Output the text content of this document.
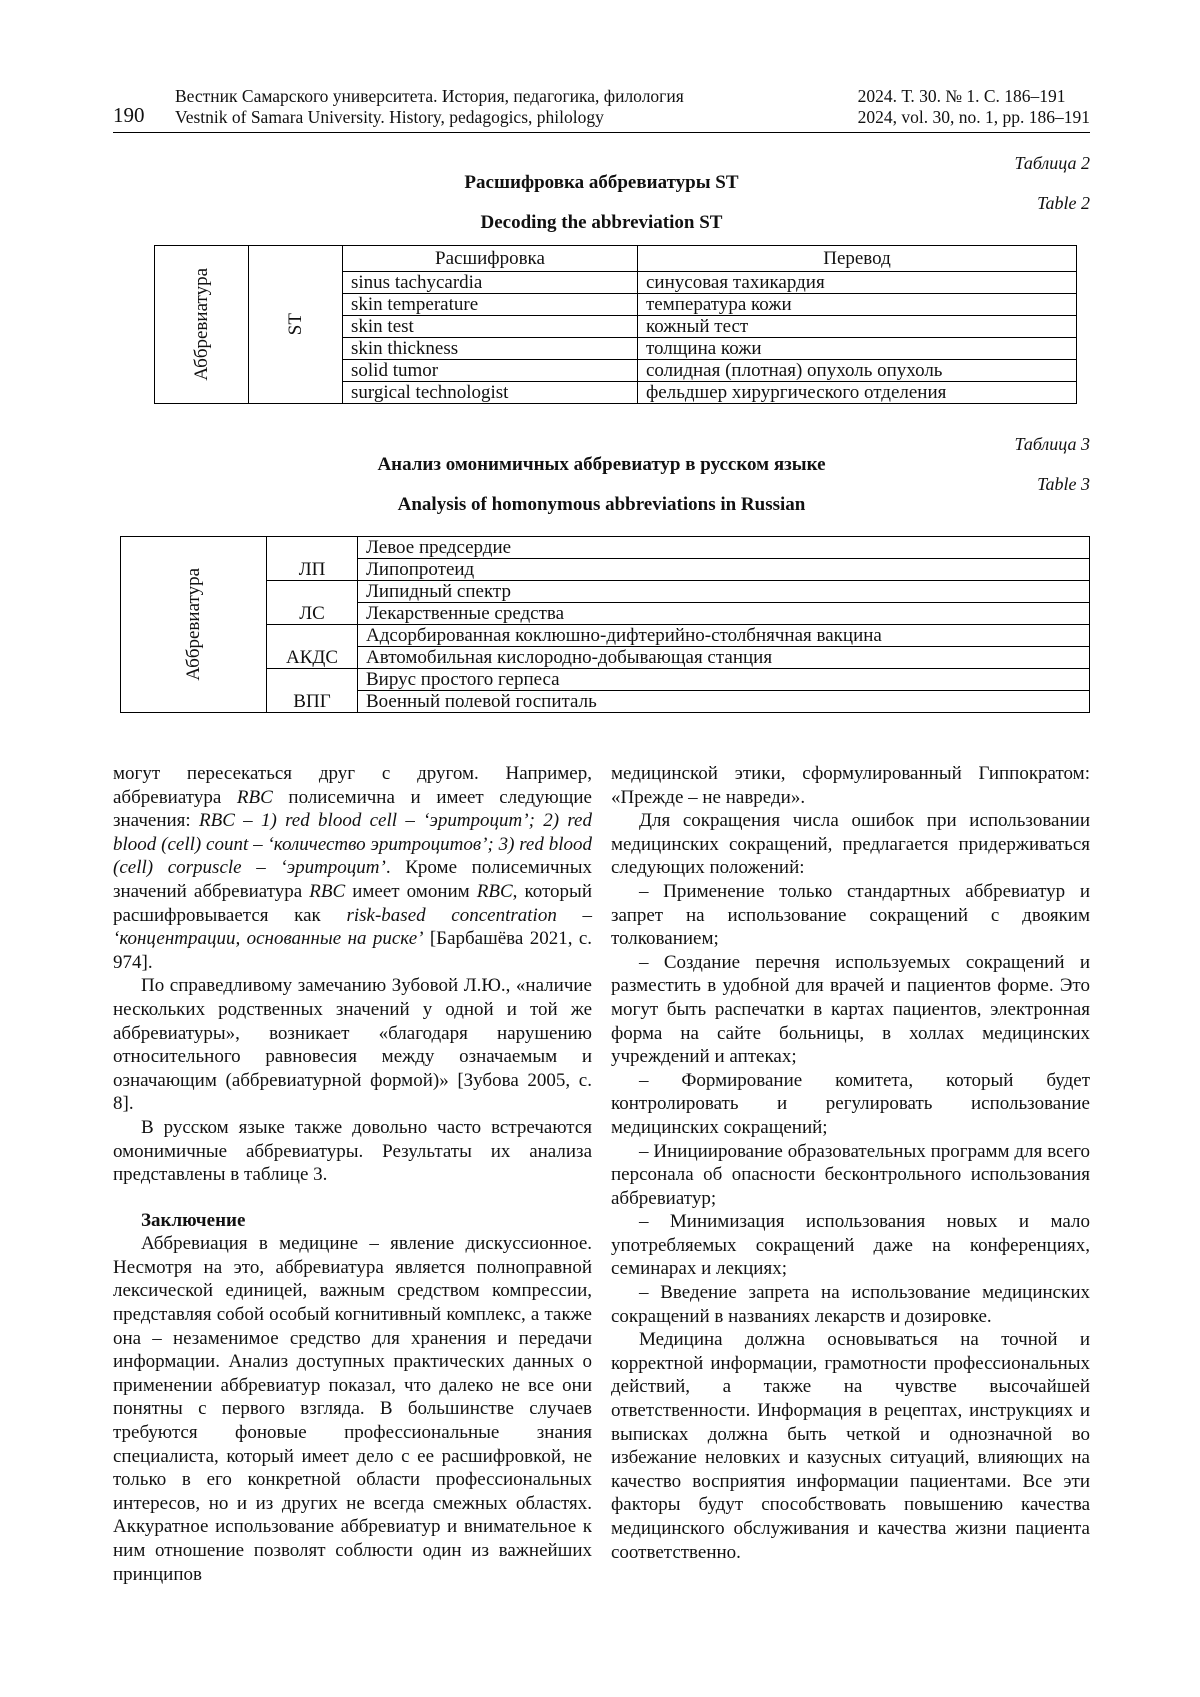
190
Вестник Самарского университета. История, педагогика, филология
Vestnik of Samara University. History, pedagogics, philology
2024. Т. 30. № 1. С. 186–191
2024, vol. 30, no. 1, pp. 186–191
Таблица 2
Расшифровка аббревиатуры ST
Table 2
Decoding the abbreviation ST
Аббревиатура	ST	Расшифровка	Перевод
		sinus tachycardia	синусовая тахикардия
		skin temperature	температура кожи
		skin test	кожный тест
		skin thickness	толщина кожи
		solid tumor	солидная (плотная) опухоль опухоль
		surgical technologist	фельдшер хирургического отделения
Таблица 3
Анализ омонимичных аббревиатур в русском языке
Table 3
Analysis of homonymous abbreviations in Russian
Аббревиатура	ЛП	Левое предсердие
		Липопротеид
	ЛС	Липидный спектр
		Лекарственные средства
	АКДС	Адсорбированная коклюшно-дифтерийно-столбнячная вакцина
		Автомобильная кислородно-добывающая станция
	ВПГ	Вирус простого герпеса
		Военный полевой госпиталь

могут пересекаться друг с другом. Например, аббревиатура RBC полисемична и имеет следующие значения: RBC – 1) red blood cell – ‘эритроцит’; 2) red blood (cell) count – ‘количество эритроцитов’; 3) red blood (cell) corpuscle – ‘эритроцит’. Кроме полисемичных значений аббревиатура RBC имеет омоним RBC, который расшифровывается как risk-based concentration – ‘концентрации, основанные на риске’ [Барбашёва 2021, с. 974].

По справедливому замечанию Зубовой Л.Ю., «наличие нескольких родственных значений у одной и той же аббревиатуры», возникает «благодаря нарушению относительного равновесия между означаемым и означающим (аббревиатурной формой)» [Зубова 2005, с. 8].

В русском языке также довольно часто встречаются омонимичные аббревиатуры. Результаты их анализа представлены в таблице 3.

Заключение

Аббревиация в медицине – явление дискуссионное. Несмотря на это, аббревиатура является полноправной лексической единицей, важным средством компрессии, представляя собой особый когнитивный комплекс, а также она – незаменимое средство для хранения и передачи информации. Анализ доступных практических данных о применении аббревиатур показал, что далеко не все они понятны с первого взгляда. В большинстве случаев требуются фоновые профессиональные знания специалиста, который имеет дело с ее расшифровкой, не только в его конкретной области профессиональных интересов, но и из других не всегда смежных областях. Аккуратное использование аббревиатур и внимательное к ним отношение позволят соблюсти один из важнейших принципов

медицинской этики, сформулированный Гиппократом: «Прежде – не навреди».

Для сокращения числа ошибок при использовании медицинских сокращений, предлагается придерживаться следующих положений:

– Применение только стандартных аббревиатур и запрет на использование сокращений с двояким толкованием;

– Создание перечня используемых сокращений и разместить в удобной для врачей и пациентов форме. Это могут быть распечатки в картах пациентов, электронная форма на сайте больницы, в холлах медицинских учреждений и аптеках;

– Формирование комитета, который будет контролировать и регулировать использование медицинских сокращений;

– Инициирование образовательных программ для всего персонала об опасности бесконтрольного использования аббревиатур;

– Минимизация использования новых и мало употребляемых сокращений даже на конференциях, семинарах и лекциях;

– Введение запрета на использование медицинских сокращений в названиях лекарств и дозировке.

Медицина должна основываться на точной и корректной информации, грамотности профессиональных действий, а также на чувстве высочайшей ответственности. Информация в рецептах, инструкциях и выписках должна быть четкой и однозначной во избежание неловких и казусных ситуаций, влияющих на качество восприятия информации пациентами. Все эти факторы будут способствовать повышению качества медицинского обслуживания и качества жизни пациента соответственно.
